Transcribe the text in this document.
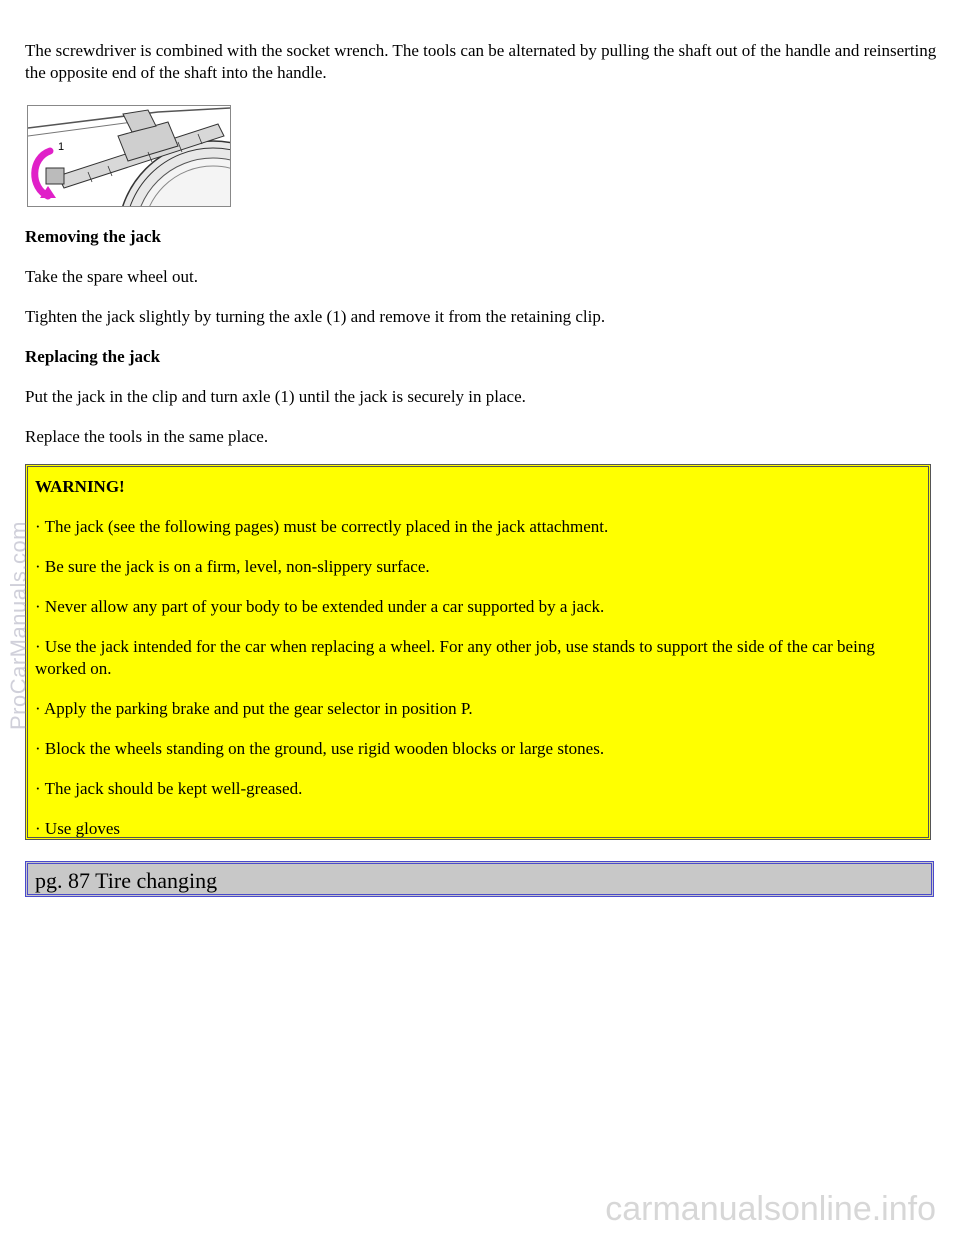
The screwdriver is combined with the socket wrench. The tools can be alternated by pulling the shaft out of the handle and reinserting the opposite end of the shaft into the handle.

1

Removing the jack

Take the spare wheel out.

Tighten the jack slightly by turning the axle (1) and remove it from the retaining clip.

Replacing the jack

Put the jack in the clip and turn axle (1) until the jack is securely in place.

Replace the tools in the same place.

WARNING!

· The jack (see the following pages) must be correctly placed in the jack attachment.

· Be sure the jack is on a firm, level, non-slippery surface.

· Never allow any part of your body to be extended under a car supported by a jack.

· Use the jack intended for the car when replacing a wheel. For any other job, use stands to support the side of the car being worked on.

· Apply the parking brake and put the gear selector in position P.

· Block the wheels standing on the ground, use rigid wooden blocks or large stones.

· The jack should be kept well-greased.

· Use gloves

pg. 87 Tire changing
ProCarManuals.com
carmanualsonline.info
